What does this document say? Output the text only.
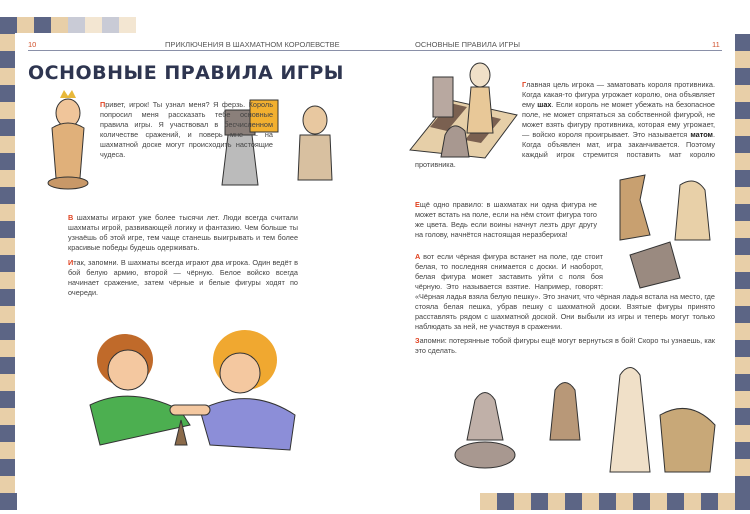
10	ПРИКЛЮЧЕНИЯ В ШАХМАТНОМ КОРОЛЕВСТВЕ	ОСНОВНЫЕ ПРАВИЛА ИГРЫ	11
ОСНОВНЫЕ ПРАВИЛА ИГРЫ

Привет, игрок! Ты узнал меня? Я ферзь. Король попросил меня рассказать тебе основные правила игры. Я участвовал в бесчисленном количестве сражений, и поверь мне — на шахматной доске могут происходить настоящие чудеса.

В шахматы играют уже более тысячи лет. Люди всегда считали шахматы игрой, развивающей логику и фантазию. Чем больше ты узнаёшь об этой игре, тем чаще станешь выигрывать и тем более красивые победы будешь одерживать.

Итак, запомни. В шахматы всегда играют два игрока. Один ведёт в бой белую армию, второй — чёрную. Белое войско всегда начинает сражение, затем чёрные и белые фигуры ходят по очереди.

Главная цель игрока — заматовать короля противника. Когда какая-то фигура угрожает королю, она объявляет ему шах. Если король не может убежать на безопасное поле, не может спрятаться за собственной фигурой, не может взять фигуру противника, которая ему угрожает, — войско короля проигрывает. Это называется матом. Когда объявлен мат, игра заканчивается. Поэтому каждый игрок стремится поставить мат королю противника.

Ещё одно правило: в шахматах ни одна фигура не может встать на поле, если на нём стоит фигура того же цвета. Ведь если воины начнут лезть друг другу на голову, начнётся настоящая неразбериха!

А вот если чёрная фигура встанет на поле, где стоит белая, то последняя снимается с доски. И наоборот, белая фигура может заставить уйти с поля боя чёрную. Это называется взятие. Например, говорят: «Чёрная ладья взяла белую пешку». Это значит, что чёрная ладья встала на место, где стояла белая пешка, убрав пешку с шахматной доски. Взятые фигуры принято расставлять рядом с шахматной доской. Они выбыли из игры и теперь могут только наблюдать за ней, не участвуя в сражении.

Запомни: потерянные тобой фигуры ещё могут вернуться в бой! Скоро ты узнаешь, как это сделать.
